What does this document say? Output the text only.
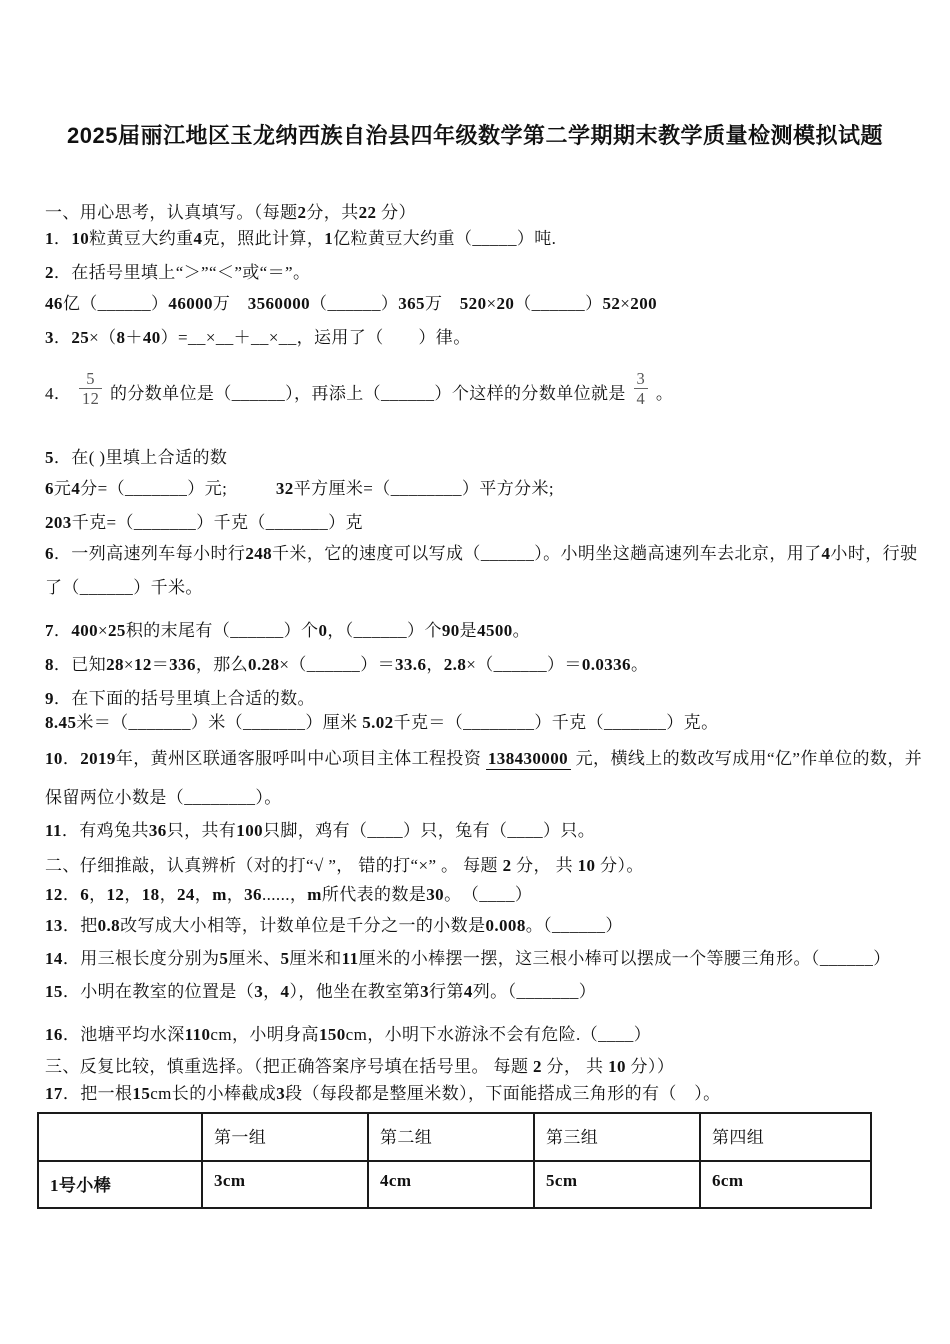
2025届丽江地区玉龙纳西族自治县四年级数学第二学期期末教学质量检测模拟试题

一、用心思考，认真填写。（每题2分，共22 分）

1．10粒黄豆大约重4克，照此计算，1亿粒黄豆大约重（_____）吨.

2．在括号里填上“＞”“＜”或“＝”。

46亿（______）46000万　3560000（______）365万　520×20（______）52×200

3．25×（8＋40）=__×__＋__×__，运用了（　　）律。

4． $\frac{5}{12}$ 的分数单位是（______），再添上（______）个这样的分数单位就是 $\frac{3}{4}$ 。

5．在( )里填上合适的数

6元4分=（_______）元;	32平方厘米=（________）平方分米;

203千克=（_______）千克（_______）克

6．一列高速列车每小时行248千米，它的速度可以写成（______）。小明坐这趟高速列车去北京，用了4小时，行驶

了（______）千米。

7．400×25积的末尾有（______）个0，（______）个90是4500。

8．已知28×12＝336，那么0.28×（______）＝33.6，2.8×（______）＝0.0336。

9．在下面的括号里填上合适的数。

8.45米＝（_______）米（_______）厘米 5.02千克＝（________）千克（_______）克。

10．2019年，黄州区联通客服呼叫中心项目主体工程投资 138430000 元，横线上的数改写成用“亿”作单位的数，并

保留两位小数是（________）。

11．有鸡兔共36只，共有100只脚，鸡有（____）只，兔有（____）只。

二、仔细推敲，认真辨析（对的打“√ ”， 错的打“×” 。 每题 2 分， 共 10 分）。

12．6，12，18，24，m，36......，m所代表的数是30。　（____）

13．把0.8改写成大小相等，计数单位是千分之一的小数是0.008。（______）

14．用三根长度分别为5厘米、5厘米和11厘米的小棒摆一摆，这三根小棒可以摆成一个等腰三角形。（______）

15．小明在教室的位置是（3，4），他坐在教室第3行第4列。（_______）

16．池塘平均水深110cm，小明身高150cm，小明下水游泳不会有危险.（____）

三、反复比较，慎重选择。（把正确答案序号填在括号里。 每题 2 分， 共 10 分））

17．把一根15cm长的小棒截成3段（每段都是整厘米数），下面能搭成三角形的有（　）。

	第一组	第二组	第三组	第四组
1号小棒	3cm	4cm	5cm	6cm
